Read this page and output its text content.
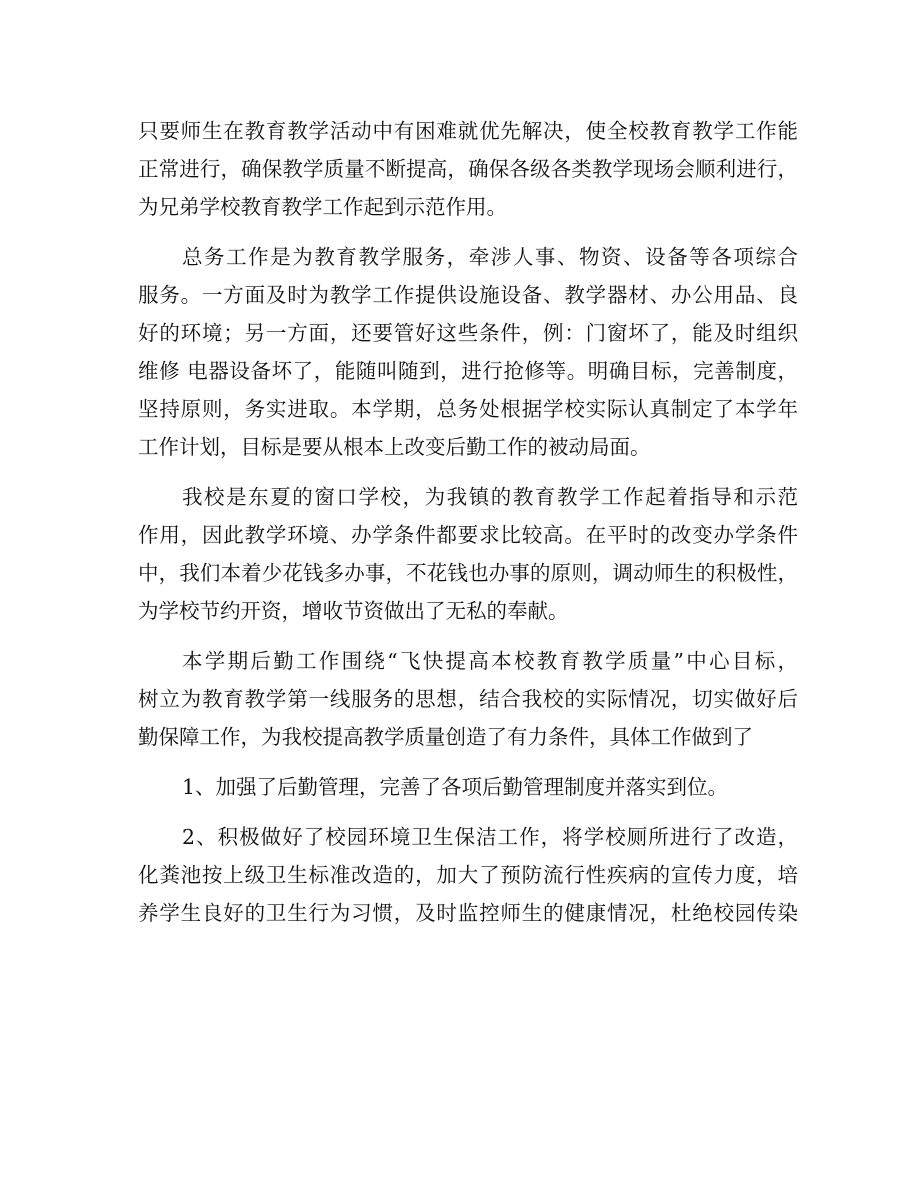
只要师生在教育教学活动中有困难就优先解决，使全校教育教学工作能
正常进行，确保教学质量不断提高，确保各级各类教学现场会顺利进行，
为兄弟学校教育教学工作起到示范作用。
总务工作是为教育教学服务，牵涉人事、物资、设备等各项综合
服务。一方面及时为教学工作提供设施设备、教学器材、办公用品、良
好的环境；另一方面，还要管好这些条件，例：门窗坏了，能及时组织
维修 电器设备坏了，能随叫随到，进行抢修等。明确目标，完善制度，
坚持原则，务实进取。本学期，总务处根据学校实际认真制定了本学年
工作计划，目标是要从根本上改变后勤工作的被动局面。
我校是东夏的窗口学校，为我镇的教育教学工作起着指导和示范
作用，因此教学环境、办学条件都要求比较高。在平时的改变办学条件
中，我们本着少花钱多办事，不花钱也办事的原则，调动师生的积极性，
为学校节约开资，增收节资做出了无私的奉献。
本学期后勤工作围绕“飞快提高本校教育教学质量”中心目标，
树立为教育教学第一线服务的思想，结合我校的实际情况，切实做好后
勤保障工作，为我校提高教学质量创造了有力条件，具体工作做到了
1、加强了后勤管理，完善了各项后勤管理制度并落实到位。
2、积极做好了校园环境卫生保洁工作，将学校厕所进行了改造，
化粪池按上级卫生标准改造的，加大了预防流行性疾病的宣传力度，培
养学生良好的卫生行为习惯，及时监控师生的健康情况，杜绝校园传染
